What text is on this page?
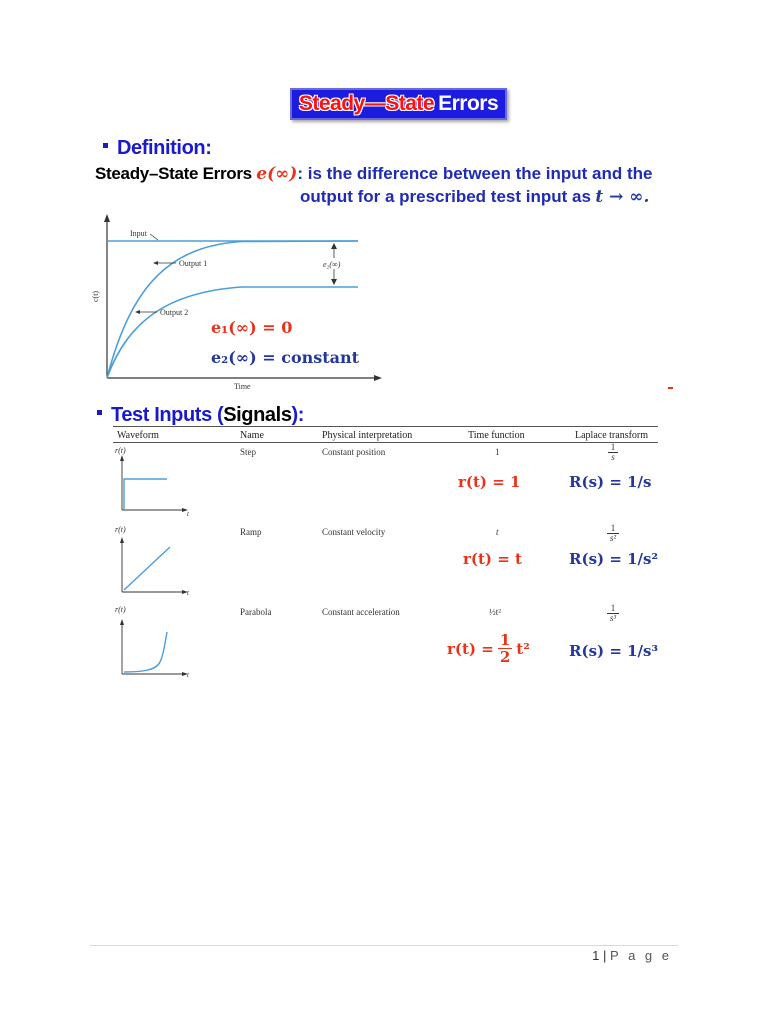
Steady—State Errors
Definition:
Steady–State Errors e(∞): is the difference between the input and the
output for a prescribed test input as t → ∞.
c(t)
Time
Input
Output 1
Output 2
e₂(∞)
e₁(∞) = 0
e₂(∞) = constant
Test Inputs (Signals):
Waveform	Name	Physical interpretation	Time function	Laplace transform
r(t)
t
Step	Constant position	1	1
s
r(t) = 1	R(s) = 1/s
r(t)
t
Ramp	Constant velocity	t	1
s²
r(t) = t	R(s) = 1/s²
r(t)
t
Parabola	Constant acceleration	½t²	1
s³
$r(t) = \frac{1}{2} t^2$	R(s) = 1/s³
1 | P a g e
